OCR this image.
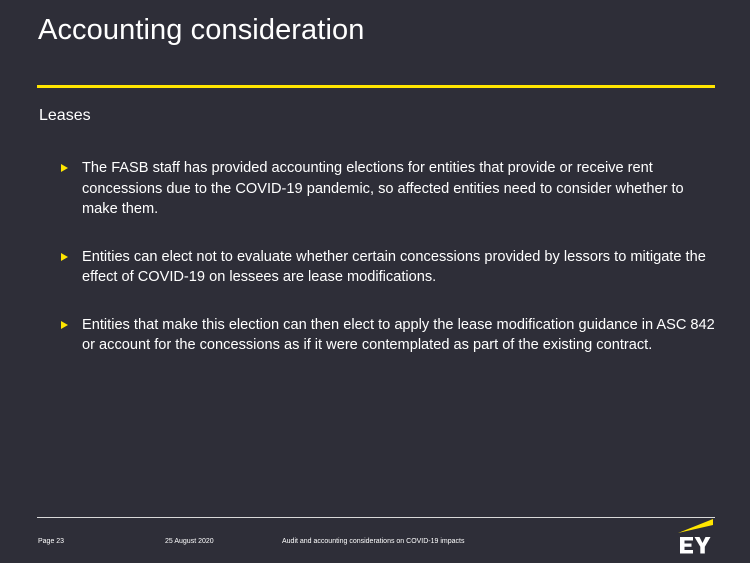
Accounting consideration
Leases
The FASB staff has provided accounting elections for entities that provide or receive rent concessions due to the COVID-19 pandemic, so affected entities need to consider whether to make them.
Entities can elect not to evaluate whether certain concessions provided by lessors to mitigate the effect of COVID-19 on lessees are lease modifications.
Entities that make this election can then elect to apply the lease modification guidance in ASC 842 or account for the concessions as if it were contemplated as part of the existing contract.
Page 23	25 August 2020	Audit and accounting considerations on COVID-19 impacts
